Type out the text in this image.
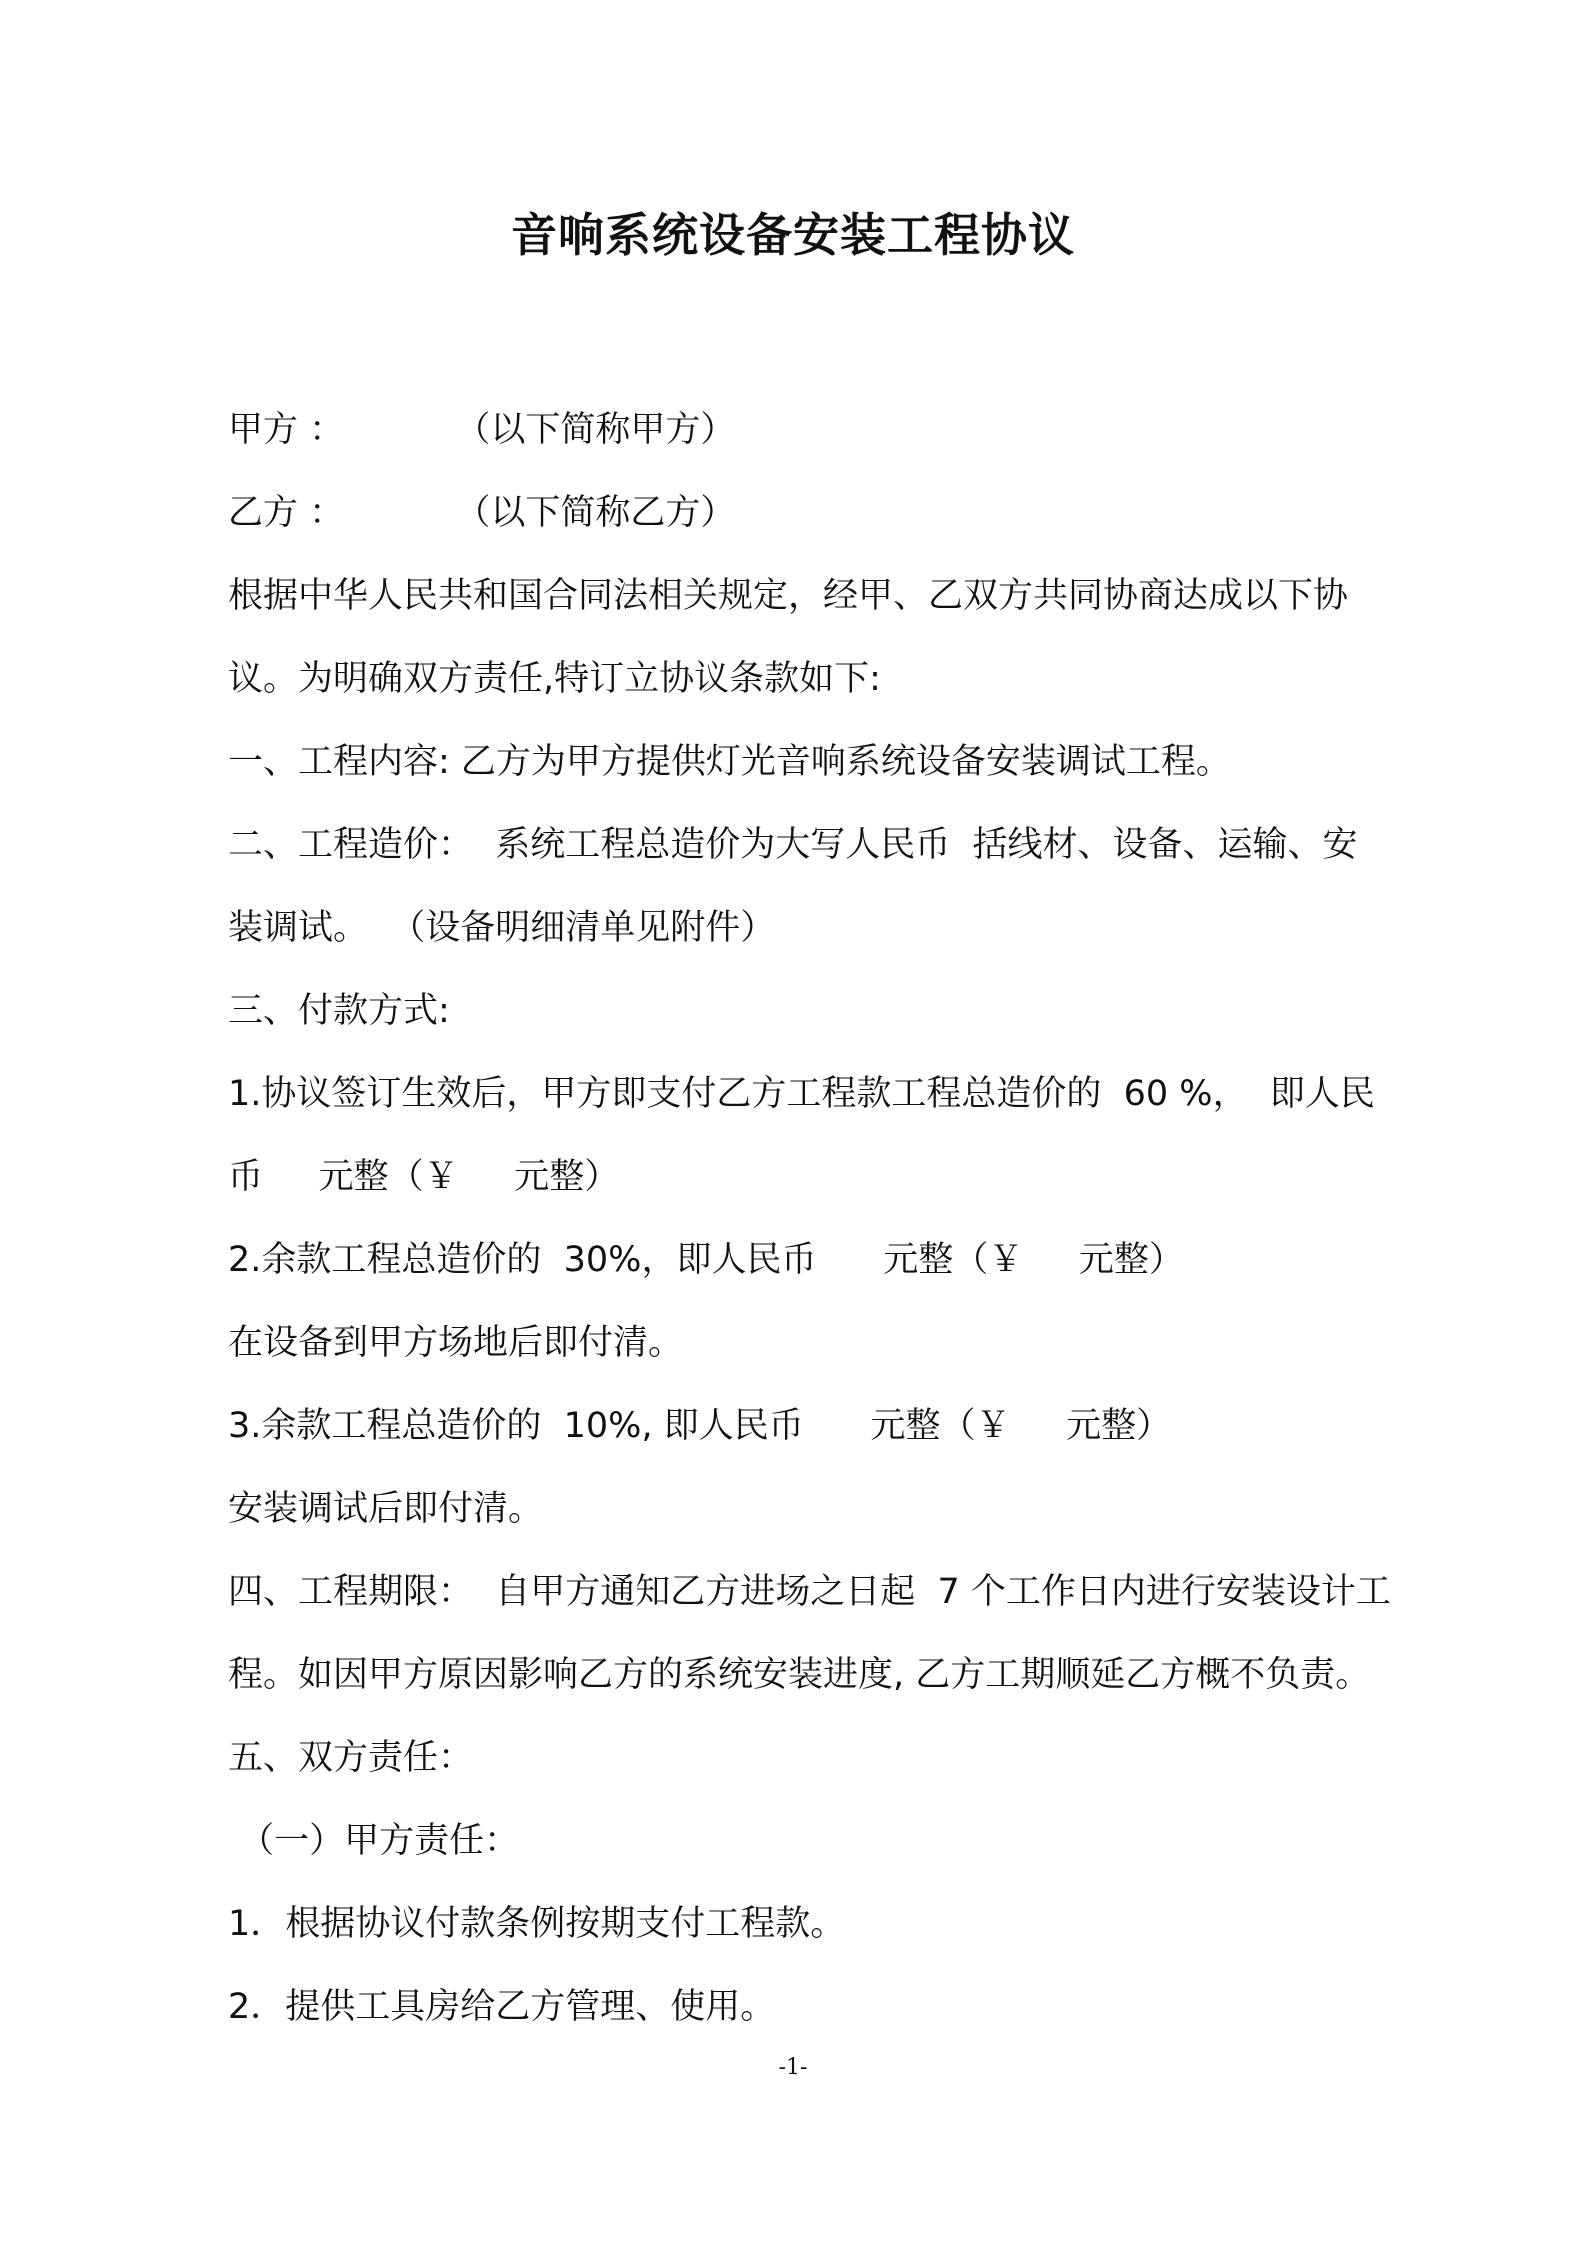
音响系统设备安装工程协议
甲方 ：          （以下简称甲方）
乙方 ：          （以下简称乙方）
根据中华人民共和国合同法相关规定，经甲、乙双方共同协商达成以下协
议。为明确双方责任,特订立协议条款如下:
一、工程内容: 乙方为甲方提供灯光音响系统设备安装调试工程。
二、工程造价：  系统工程总造价为大写人民币  括线材、设备、运输、安
装调试。  （设备明细清单见附件）
三、付款方式:
1.协议签订生效后，甲方即支付乙方工程款工程总造价的  60 %，  即人民
币     元整（￥     元整）
2.余款工程总造价的  30%，即人民币      元整（￥     元整）
在设备到甲方场地后即付清。
3.余款工程总造价的  10%, 即人民币      元整（￥     元整）
安装调试后即付清。
四、工程期限：  自甲方通知乙方进场之日起  7 个工作日内进行安装设计工
程。如因甲方原因影响乙方的系统安装进度, 乙方工期顺延乙方概不负责。
五、双方责任：
（一）甲方责任：
1．根据协议付款条例按期支付工程款。
2．提供工具房给乙方管理、使用。
-1-
